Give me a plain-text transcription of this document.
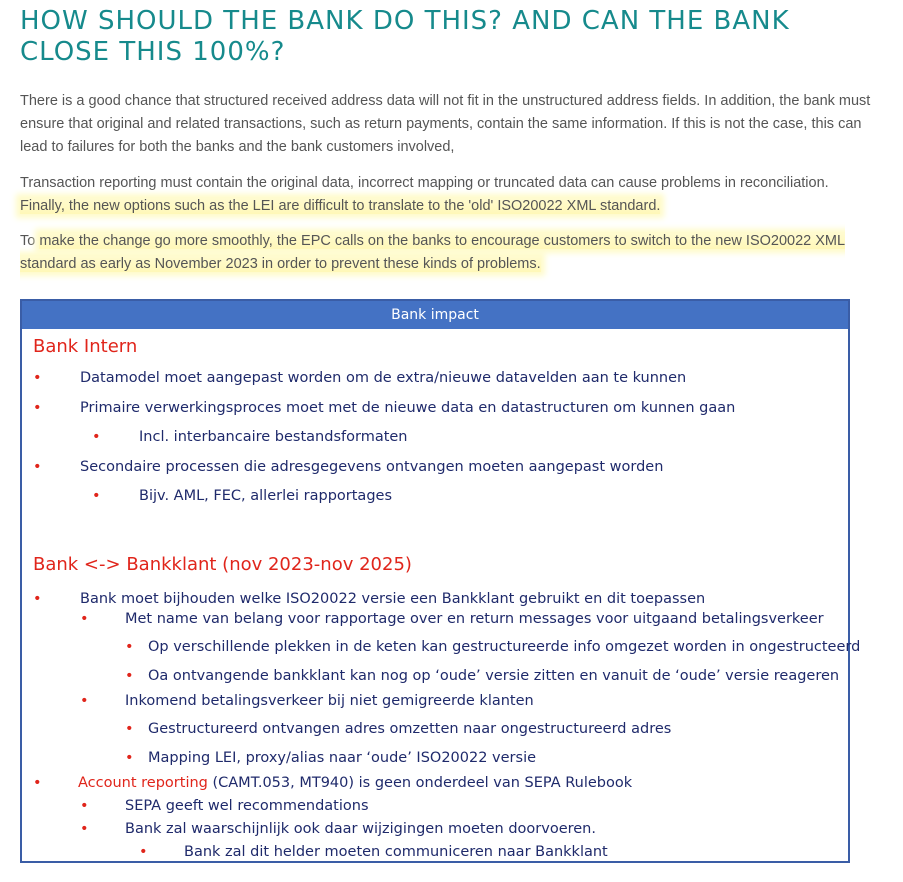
HOW SHOULD THE BANK DO THIS? AND CAN THE BANK CLOSE THIS 100%?

There is a good chance that structured received address data will not fit in the unstructured address fields. In addition, the bank must ensure that original and related transactions, such as return payments, contain the same information. If this is not the case, this can lead to failures for both the banks and the bank customers involved,

Transaction reporting must contain the original data, incorrect mapping or truncated data can cause problems in reconciliation.
Finally, the new options such as the LEI are difficult to translate to the 'old' ISO20022 XML standard.

To make the change go more smoothly, the EPC calls on the banks to encourage customers to switch to the new ISO20022 XML standard as early as November 2023 in order to prevent these kinds of problems.

Bank impact
Bank Intern
•	Datamodel moet aangepast worden om de extra/nieuwe datavelden aan te kunnen
•	Primaire verwerkingsproces moet met de nieuwe data en datastructuren om kunnen gaan
•	Incl. interbancaire bestandsformaten
•	Secondaire processen die adresgegevens ontvangen moeten aangepast worden
•	Bijv. AML, FEC, allerlei rapportages
Bank <-> Bankklant (nov 2023-nov 2025)
•	Bank moet bijhouden welke ISO20022 versie een Bankklant gebruikt en dit toepassen
•	Met name van belang voor rapportage over en return messages voor uitgaand betalingsverkeer
• Op verschillende plekken in de keten kan gestructureerde info omgezet worden in ongestructeerd
• Oa ontvangende bankklant kan nog op ‘oude’ versie zitten en vanuit de ‘oude’ versie reageren
•	Inkomend betalingsverkeer bij niet gemigreerde klanten
• Gestructureerd ontvangen adres omzetten naar ongestructureerd adres
• Mapping LEI, proxy/alias naar ‘oude’ ISO20022 versie
•	Account reporting (CAMT.053, MT940) is geen onderdeel van SEPA Rulebook
•	SEPA geeft wel recommendations
•	Bank zal waarschijnlijk ook daar wijzigingen moeten doorvoeren.
•	Bank zal dit helder moeten communiceren naar Bankklant
